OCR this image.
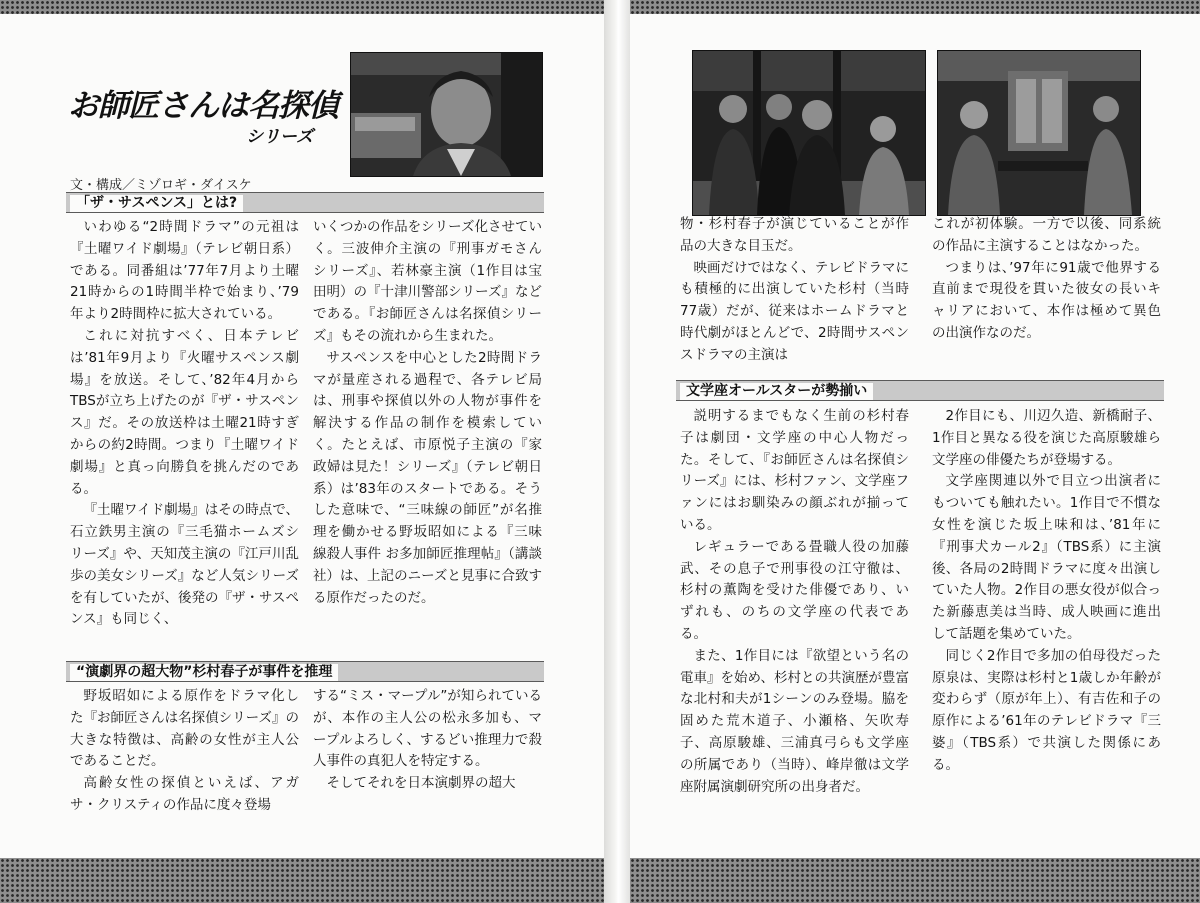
お師匠さんは名探偵
シリーズ
文・構成／ミゾロギ・ダイスケ
「ザ・サスペンス」とは?

いわゆる“2時間ドラマ”の元祖は『土曜ワイド劇場』（テレビ朝日系）である。同番組は’77年7月より土曜21時からの1時間半枠で始まり、’79年より2時間枠に拡大されている。

これに対抗すべく、日本テレビは’81年9月より『火曜サスペンス劇場』を放送。そして、’82年4月からTBSが立ち上げたのが『ザ・サスペンス』だ。その放送枠は土曜21時すぎからの約2時間。つまり『土曜ワイド劇場』と真っ向勝負を挑んだのである。

『土曜ワイド劇場』はその時点で、石立鉄男主演の『三毛猫ホームズシリーズ』や、天知茂主演の『江戸川乱歩の美女シリーズ』など人気シリーズを有していたが、後発の『ザ・サスペンス』も同じく、

いくつかの作品をシリーズ化させていく。三波伸介主演の『刑事ガモさんシリーズ』、若林豪主演（1作目は宝田明）の『十津川警部シリーズ』などである。『お師匠さんは名探偵シリーズ』もその流れから生まれた。

サスペンスを中心とした2時間ドラマが量産される過程で、各テレビ局は、刑事や探偵以外の人物が事件を解決する作品の制作を模索していく。たとえば、市原悦子主演の『家政婦は見た！シリーズ』（テレビ朝日系）は’83年のスタートである。そうした意味で、“三味線の師匠”が名推理を働かせる野坂昭如による『三味線殺人事件 お多加師匠推理帖』（講談社）は、上記のニーズと見事に合致する原作だったのだ。

“演劇界の超大物”杉村春子が事件を推理

野坂昭如による原作をドラマ化した『お師匠さんは名探偵シリーズ』の大きな特徴は、高齢の女性が主人公であることだ。

高齢女性の探偵といえば、アガサ・クリスティの作品に度々登場

する“ミス・マープル”が知られているが、本作の主人公の松永多加も、マープルよろしく、するどい推理力で殺人事件の真犯人を特定する。

そしてそれを日本演劇界の超大

物・杉村春子が演じていることが作品の大きな目玉だ。

映画だけではなく、テレビドラマにも積極的に出演していた杉村（当時77歳）だが、従来はホームドラマと時代劇がほとんどで、2時間サスペンスドラマの主演は

これが初体験。一方で以後、同系統の作品に主演することはなかった。

つまりは、’97年に91歳で他界する直前まで現役を貫いた彼女の長いキャリアにおいて、本作は極めて異色の出演作なのだ。

文学座オールスターが勢揃い

説明するまでもなく生前の杉村春子は劇団・文学座の中心人物だった。そして、『お師匠さんは名探偵シリーズ』には、杉村ファン、文学座ファンにはお馴染みの顔ぶれが揃っている。

レギュラーである畳職人役の加藤武、その息子で刑事役の江守徹は、杉村の薫陶を受けた俳優であり、いずれも、のちの文学座の代表である。

また、1作目には『欲望という名の電車』を始め、杉村との共演歴が豊富な北村和夫が1シーンのみ登場。脇を固めた荒木道子、小瀬格、矢吹寿子、高原駿雄、三浦真弓らも文学座の所属であり（当時）、峰岸徹は文学座附属演劇研究所の出身者だ。

2作目にも、川辺久造、新橋耐子、1作目と異なる役を演じた高原駿雄ら文学座の俳優たちが登場する。

文学座関連以外で目立つ出演者にもついても触れたい。1作目で不慣な女性を演じた坂上味和は、’81年に『刑事犬カール2』（TBS系）に主演後、各局の2時間ドラマに度々出演していた人物。2作目の悪女役が似合った新藤恵美は当時、成人映画に進出して話題を集めていた。

同じく2作目で多加の伯母役だった原泉は、実際は杉村と1歳しか年齢が変わらず（原が年上）、有吉佐和子の原作による’61年のテレビドラマ『三婆』（TBS系）で共演した関係にある。
